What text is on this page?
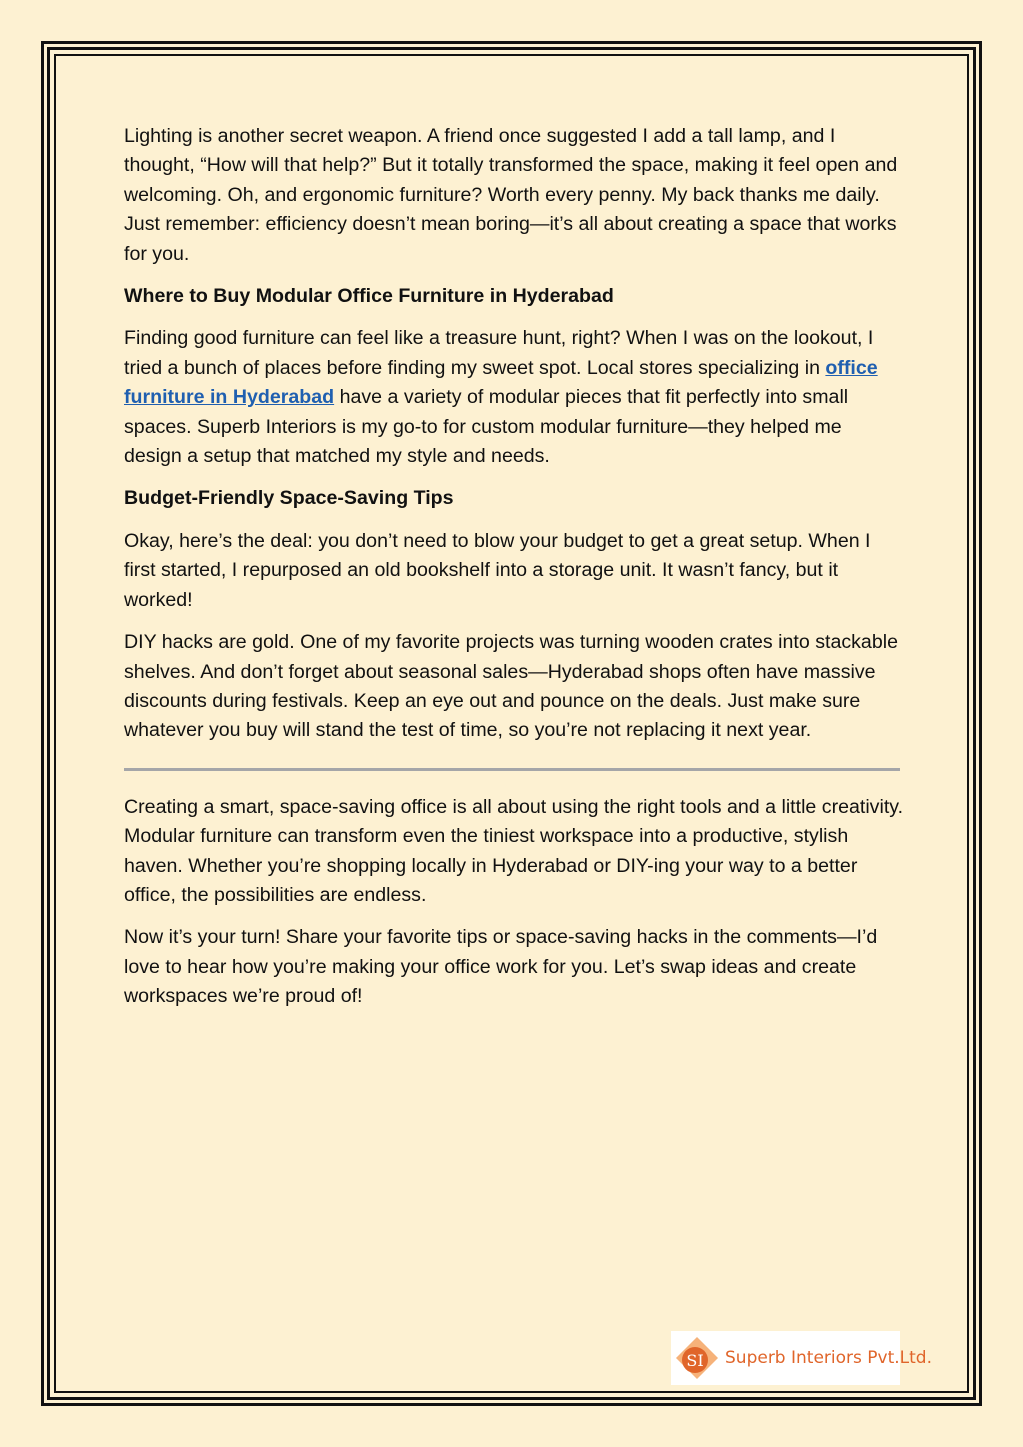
Lighting is another secret weapon. A friend once suggested I add a tall lamp, and I thought, “How will that help?” But it totally transformed the space, making it feel open and welcoming. Oh, and ergonomic furniture? Worth every penny. My back thanks me daily. Just remember: efficiency doesn’t mean boring—it’s all about creating a space that works for you.

Where to Buy Modular Office Furniture in Hyderabad

Finding good furniture can feel like a treasure hunt, right? When I was on the lookout, I tried a bunch of places before finding my sweet spot. Local stores specializing in office furniture in Hyderabad have a variety of modular pieces that fit perfectly into small spaces. Superb Interiors is my go-to for custom modular furniture—they helped me design a setup that matched my style and needs.

Budget-Friendly Space-Saving Tips

Okay, here’s the deal: you don’t need to blow your budget to get a great setup. When I first started, I repurposed an old bookshelf into a storage unit. It wasn’t fancy, but it worked!

DIY hacks are gold. One of my favorite projects was turning wooden crates into stackable shelves. And don’t forget about seasonal sales—Hyderabad shops often have massive discounts during festivals. Keep an eye out and pounce on the deals. Just make sure whatever you buy will stand the test of time, so you’re not replacing it next year.

Creating a smart, space-saving office is all about using the right tools and a little creativity. Modular furniture can transform even the tiniest workspace into a productive, stylish haven. Whether you’re shopping locally in Hyderabad or DIY-ing your way to a better office, the possibilities are endless.

Now it’s your turn! Share your favorite tips or space-saving hacks in the comments—I’d love to hear how you’re making your office work for you. Let’s swap ideas and create workspaces we’re proud of!

SI Superb Interiors Pvt.Ltd.
